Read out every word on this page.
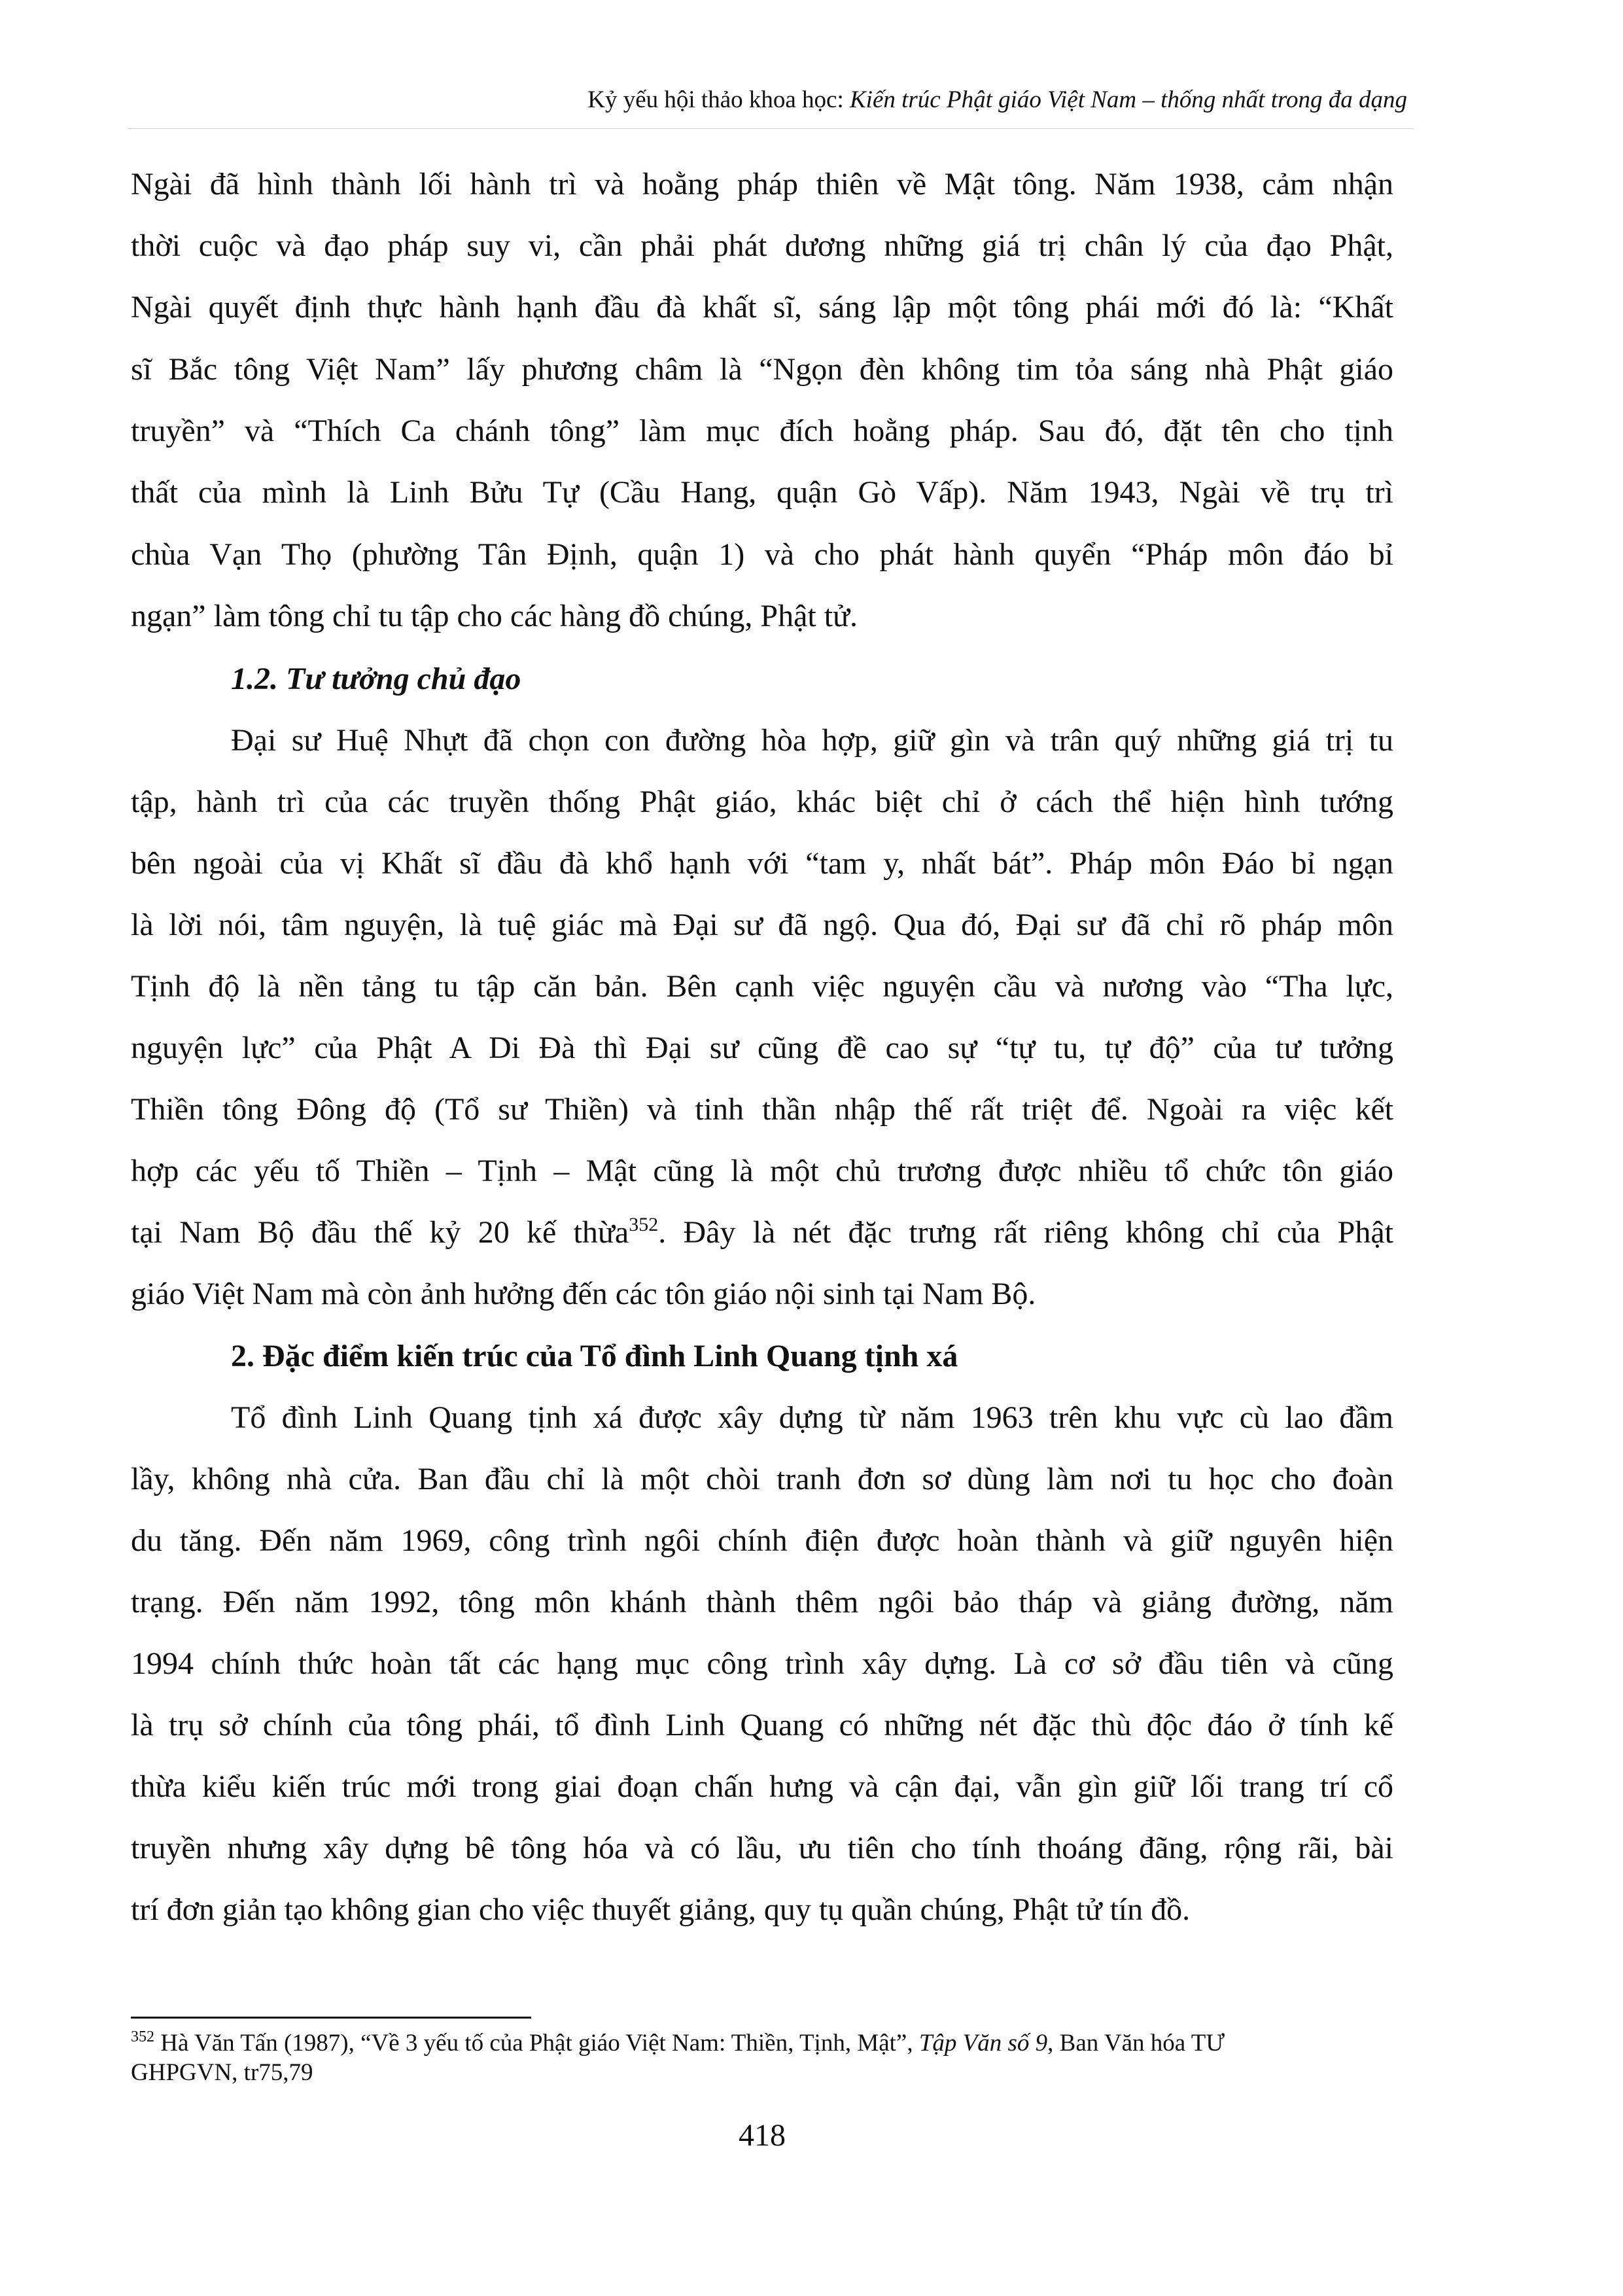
Kỷ yếu hội thảo khoa học: Kiến trúc Phật giáo Việt Nam – thống nhất trong đa dạng
Ngài đã hình thành lối hành trì và hoằng pháp thiên về Mật tông. Năm 1938, cảm nhận
thời cuộc và đạo pháp suy vi, cần phải phát dương những giá trị chân lý của đạo Phật,
Ngài quyết định thực hành hạnh đầu đà khất sĩ, sáng lập một tông phái mới đó là: “Khất
sĩ Bắc tông Việt Nam” lấy phương châm là “Ngọn đèn không tim tỏa sáng nhà Phật giáo
truyền” và “Thích Ca chánh tông” làm mục đích hoằng pháp. Sau đó, đặt tên cho tịnh
thất của mình là Linh Bửu Tự (Cầu Hang, quận Gò Vấp). Năm 1943, Ngài về trụ trì
chùa Vạn Thọ (phường Tân Định, quận 1) và cho phát hành quyển “Pháp môn đáo bỉ
ngạn” làm tông chỉ tu tập cho các hàng đồ chúng, Phật tử.
1.2. Tư tưởng chủ đạo
Đại sư Huệ Nhựt đã chọn con đường hòa hợp, giữ gìn và trân quý những giá trị tu
tập, hành trì của các truyền thống Phật giáo, khác biệt chỉ ở cách thể hiện hình tướng
bên ngoài của vị Khất sĩ đầu đà khổ hạnh với “tam y, nhất bát”. Pháp môn Đáo bỉ ngạn
là lời nói, tâm nguyện, là tuệ giác mà Đại sư đã ngộ. Qua đó, Đại sư đã chỉ rõ pháp môn
Tịnh độ là nền tảng tu tập căn bản. Bên cạnh việc nguyện cầu và nương vào “Tha lực,
nguyện lực” của Phật A Di Đà thì Đại sư cũng đề cao sự “tự tu, tự độ” của tư tưởng
Thiền tông Đông độ (Tổ sư Thiền) và tinh thần nhập thế rất triệt để. Ngoài ra việc kết
hợp các yếu tố Thiền – Tịnh – Mật cũng là một chủ trương được nhiều tổ chức tôn giáo
tại Nam Bộ đầu thế kỷ 20 kế thừa$^{352}$. Đây là nét đặc trưng rất riêng không chỉ của Phật
giáo Việt Nam mà còn ảnh hưởng đến các tôn giáo nội sinh tại Nam Bộ.
2. Đặc điểm kiến trúc của Tổ đình Linh Quang tịnh xá
Tổ đình Linh Quang tịnh xá được xây dựng từ năm 1963 trên khu vực cù lao đầm
lầy, không nhà cửa. Ban đầu chỉ là một chòi tranh đơn sơ dùng làm nơi tu học cho đoàn
du tăng. Đến năm 1969, công trình ngôi chính điện được hoàn thành và giữ nguyên hiện
trạng. Đến năm 1992, tông môn khánh thành thêm ngôi bảo tháp và giảng đường, năm
1994 chính thức hoàn tất các hạng mục công trình xây dựng. Là cơ sở đầu tiên và cũng
là trụ sở chính của tông phái, tổ đình Linh Quang có những nét đặc thù độc đáo ở tính kế
thừa kiểu kiến trúc mới trong giai đoạn chấn hưng và cận đại, vẫn gìn giữ lối trang trí cổ
truyền nhưng xây dựng bê tông hóa và có lầu, ưu tiên cho tính thoáng đãng, rộng rãi, bài
trí đơn giản tạo không gian cho việc thuyết giảng, quy tụ quần chúng, Phật tử tín đồ.
$^{352}$ Hà Văn Tấn (1987), “Về 3 yếu tố của Phật giáo Việt Nam: Thiền, Tịnh, Mật”, Tập Văn số 9, Ban Văn hóa TƯ
GHPGVN, tr75,79
418
